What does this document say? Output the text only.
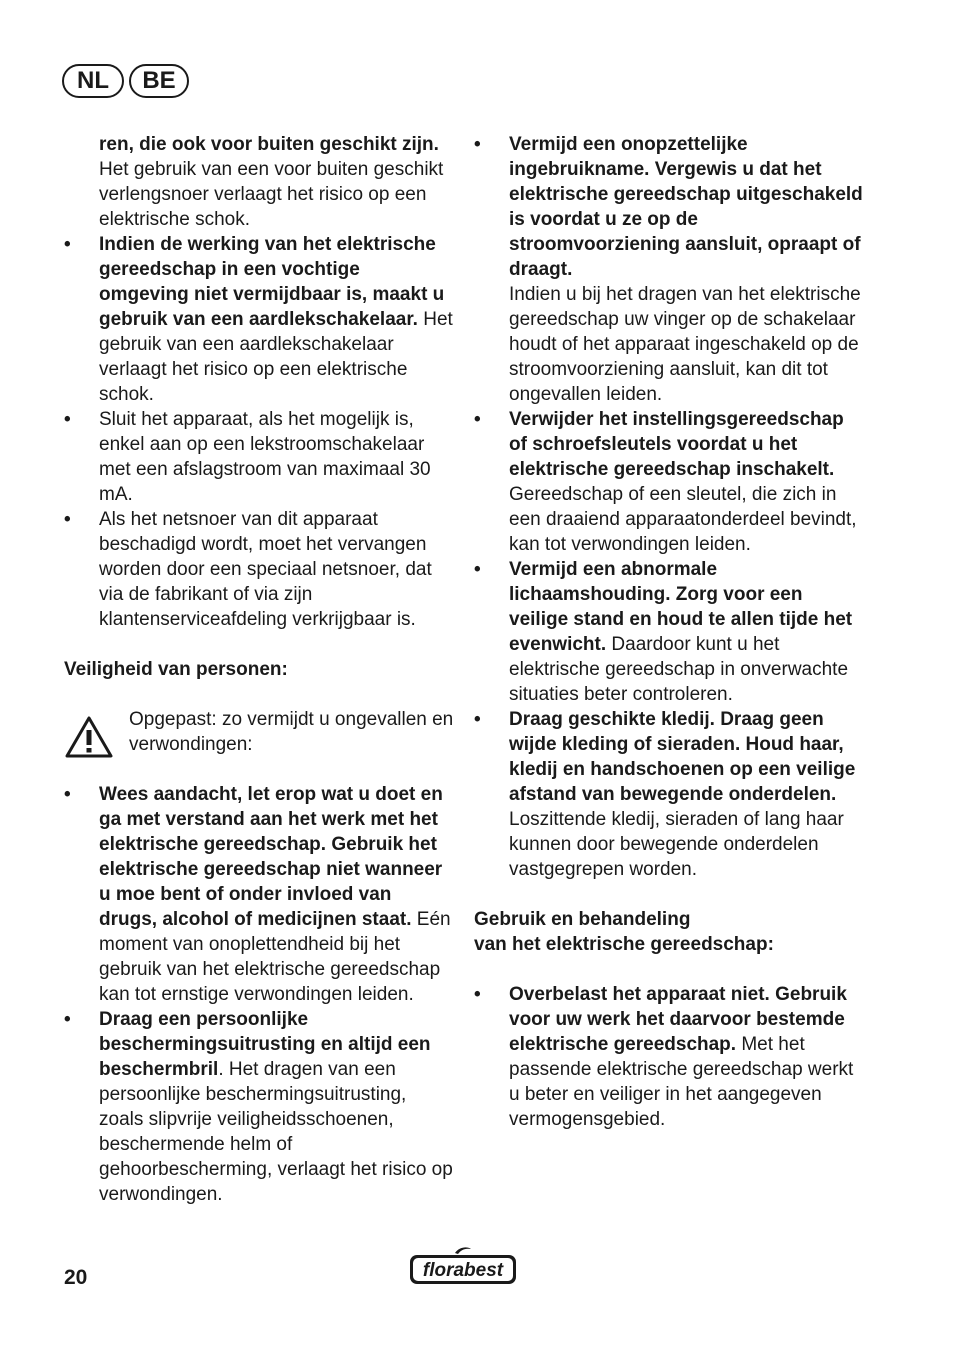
NL	BE

ren, die ook voor buiten geschikt zijn. Het gebruik van een voor buiten geschikt verlengsnoer verlaagt het risico op een elektrische schok.

•	Indien de werking van het elektrische gereedschap in een vochtige omgeving niet vermijdbaar is, maakt u gebruik van een aardlekschakelaar. Het gebruik van een aardlekschakelaar verlaagt het risico op een elektrische schok.

•	Sluit het apparaat, als het mogelijk is, enkel aan op een lekstroomschakelaar met een afslagstroom van maximaal 30 mA.

•	Als het netsnoer van dit apparaat beschadigd wordt, moet het vervangen worden door een speciaal netsnoer, dat via de fabrikant of via zijn klantenserviceafdeling verkrijgbaar is.

Veiligheid van personen:

Opgepast: zo vermijdt u ongevallen en verwondingen:

•	Wees aandacht, let erop wat u doet en ga met verstand aan het werk met het elektrische gereedschap. Gebruik het elektrische gereedschap niet wanneer u moe bent of onder invloed van drugs, alcohol of medicijnen staat. Eén moment van onoplettendheid bij het gebruik van het elektrische gereedschap kan tot ernstige verwondingen leiden.

•	Draag een persoonlijke beschermingsuitrusting en altijd een beschermbril. Het dragen van een persoonlijke beschermingsuitrusting, zoals slipvrije veiligheidsschoenen, beschermende helm of gehoorbescherming, verlaagt het risico op verwondingen.

•	Vermijd een onopzettelijke ingebruikname. Vergewis u dat het elektrische gereedschap uitgeschakeld is voordat u ze op de stroomvoorziening aansluit, opraapt of draagt.
Indien u bij het dragen van het elektrische gereedschap uw vinger op de schakelaar houdt of het apparaat ingeschakeld op de stroomvoorziening aansluit, kan dit tot ongevallen leiden.

•	Verwijder het instellingsgereedschap of schroefsleutels voordat u het elektrische gereedschap inschakelt. Gereedschap of een sleutel, die zich in een draaiend apparaatonderdeel bevindt, kan tot verwondingen leiden.

•	Vermijd een abnormale lichaamshouding. Zorg voor een veilige stand en houd te allen tijde het evenwicht. Daardoor kunt u het elektrische gereedschap in onverwachte situaties beter controleren.

•	Draag geschikte kledij. Draag geen wijde kleding of sieraden. Houd haar, kledij en handschoenen op een veilige afstand van bewegende onderdelen. Loszittende kledij, sieraden of lang haar kunnen door bewegende onderdelen vastgegrepen worden.

Gebruik en behandeling

van het elektrische gereedschap:

•	Overbelast het apparaat niet. Gebruik voor uw werk het daarvoor bestemde elektrische gereedschap. Met het passende elektrische gereedschap werkt u beter en veiliger in het aangegeven vermogensgebied.

20	florabest
